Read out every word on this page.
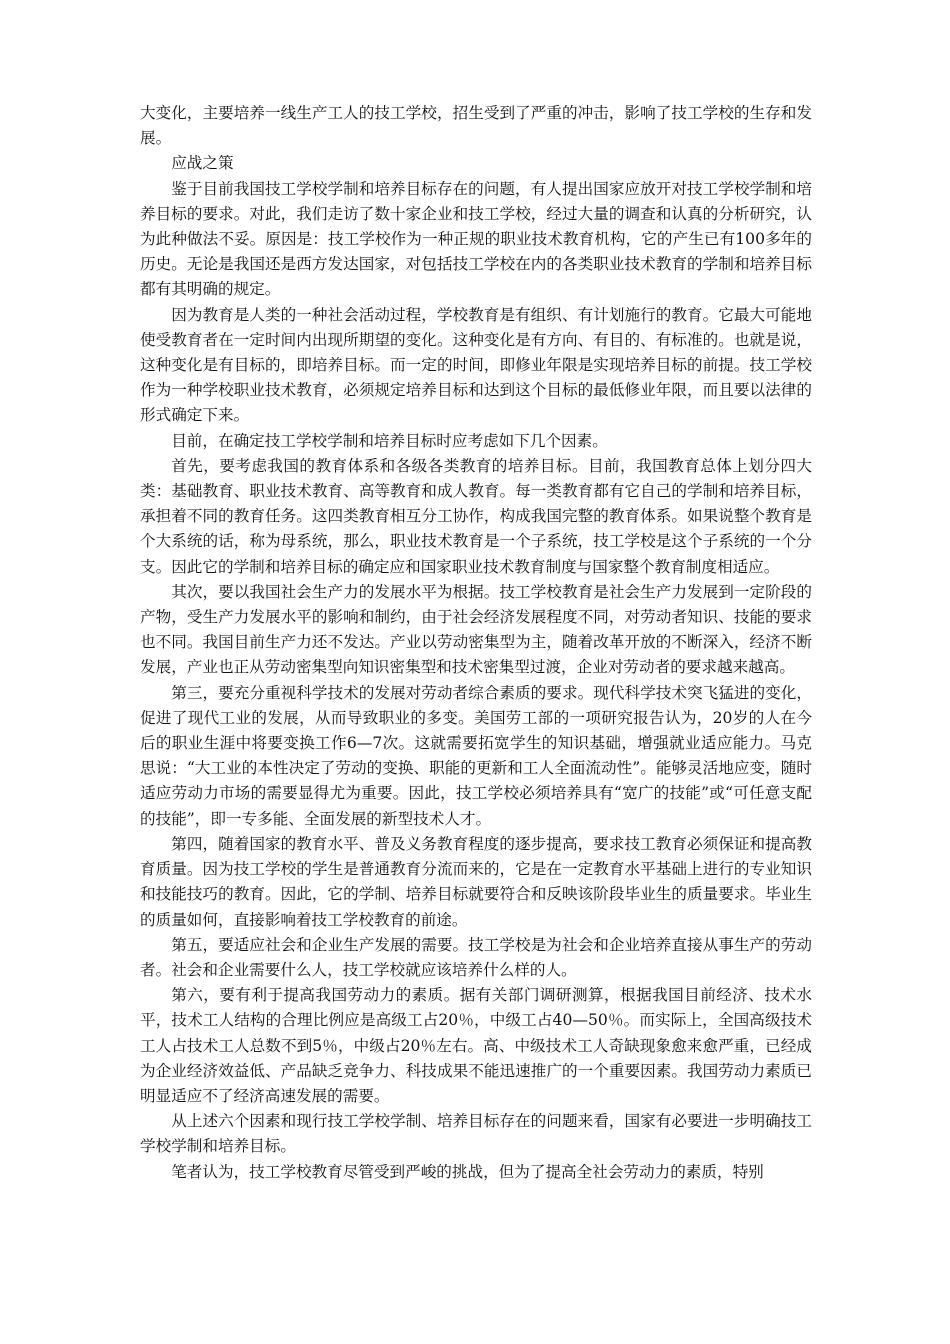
大变化，主要培养一线生产工人的技工学校，招生受到了严重的冲击，影响了技工学校的生存和发展。

应战之策

鉴于目前我国技工学校学制和培养目标存在的问题，有人提出国家应放开对技工学校学制和培养目标的要求。对此，我们走访了数十家企业和技工学校，经过大量的调查和认真的分析研究，认为此种做法不妥。原因是：技工学校作为一种正规的职业技术教育机构，它的产生已有100多年的历史。无论是我国还是西方发达国家，对包括技工学校在内的各类职业技术教育的学制和培养目标都有其明确的规定。

因为教育是人类的一种社会活动过程，学校教育是有组织、有计划施行的教育。它最大可能地使受教育者在一定时间内出现所期望的变化。这种变化是有方向、有目的、有标准的。也就是说，这种变化是有目标的，即培养目标。而一定的时间，即修业年限是实现培养目标的前提。技工学校作为一种学校职业技术教育，必须规定培养目标和达到这个目标的最低修业年限，而且要以法律的形式确定下来。

目前，在确定技工学校学制和培养目标时应考虑如下几个因素。

首先，要考虑我国的教育体系和各级各类教育的培养目标。目前，我国教育总体上划分四大类：基础教育、职业技术教育、高等教育和成人教育。每一类教育都有它自己的学制和培养目标，承担着不同的教育任务。这四类教育相互分工协作，构成我国完整的教育体系。如果说整个教育是个大系统的话，称为母系统，那么，职业技术教育是一个子系统，技工学校是这个子系统的一个分支。因此它的学制和培养目标的确定应和国家职业技术教育制度与国家整个教育制度相适应。

其次，要以我国社会生产力的发展水平为根据。技工学校教育是社会生产力发展到一定阶段的产物，受生产力发展水平的影响和制约，由于社会经济发展程度不同，对劳动者知识、技能的要求也不同。我国目前生产力还不发达。产业以劳动密集型为主，随着改革开放的不断深入，经济不断发展，产业也正从劳动密集型向知识密集型和技术密集型过渡，企业对劳动者的要求越来越高。

第三，要充分重视科学技术的发展对劳动者综合素质的要求。现代科学技术突飞猛进的变化，促进了现代工业的发展，从而导致职业的多变。美国劳工部的一项研究报告认为，20岁的人在今后的职业生涯中将要变换工作6—7次。这就需要拓宽学生的知识基础，增强就业适应能力。马克思说：“大工业的本性决定了劳动的变换、职能的更新和工人全面流动性”。能够灵活地应变，随时适应劳动力市场的需要显得尤为重要。因此，技工学校必须培养具有“宽广的技能”或“可任意支配的技能”，即一专多能、全面发展的新型技术人才。

第四，随着国家的教育水平、普及义务教育程度的逐步提高，要求技工教育必须保证和提高教育质量。因为技工学校的学生是普通教育分流而来的，它是在一定教育水平基础上进行的专业知识和技能技巧的教育。因此，它的学制、培养目标就要符合和反映该阶段毕业生的质量要求。毕业生的质量如何，直接影响着技工学校教育的前途。

第五，要适应社会和企业生产发展的需要。技工学校是为社会和企业培养直接从事生产的劳动者。社会和企业需要什么人，技工学校就应该培养什么样的人。

第六，要有利于提高我国劳动力的素质。据有关部门调研测算，根据我国目前经济、技术水平，技术工人结构的合理比例应是高级工占20％，中级工占40—50％。而实际上，全国高级技术工人占技术工人总数不到5％，中级占20％左右。高、中级技术工人奇缺现象愈来愈严重，已经成为企业经济效益低、产品缺乏竞争力、科技成果不能迅速推广的一个重要因素。我国劳动力素质已明显适应不了经济高速发展的需要。

从上述六个因素和现行技工学校学制、培养目标存在的问题来看，国家有必要进一步明确技工学校学制和培养目标。

笔者认为，技工学校教育尽管受到严峻的挑战，但为了提高全社会劳动力的素质，特别
